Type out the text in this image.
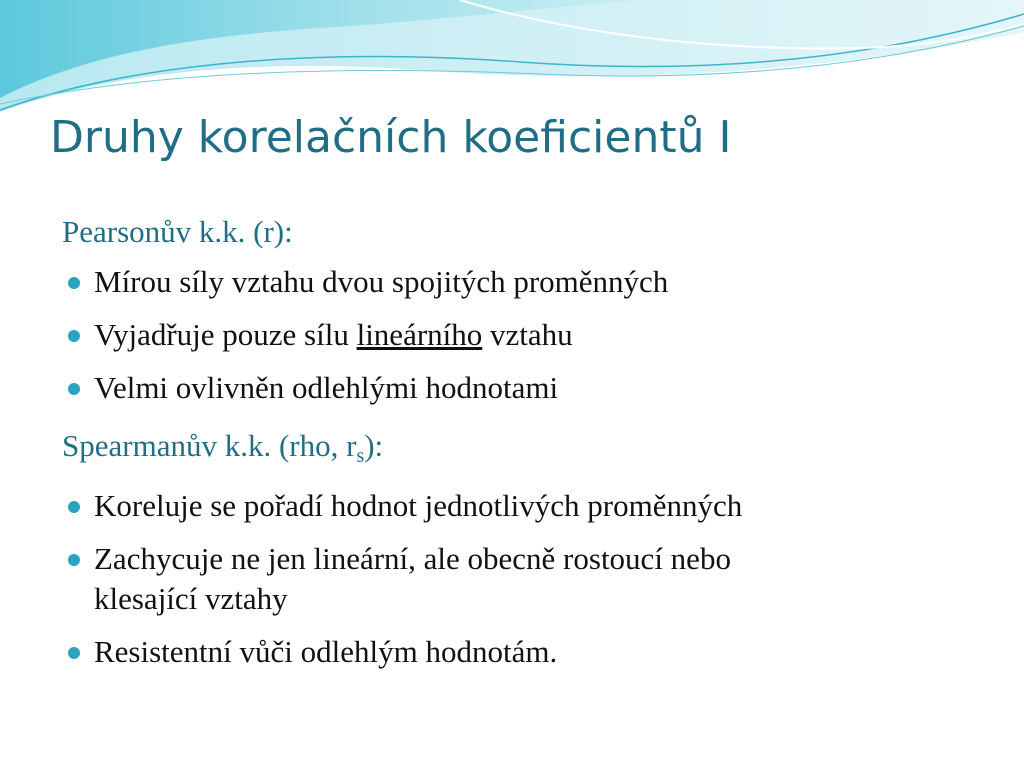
Druhy korelačních koeficientů I
Pearsonův k.k. (r):
Mírou síly vztahu dvou spojitých proměnných
Vyjadřuje pouze sílu lineárního vztahu
Velmi ovlivněn odlehlými hodnotami
Spearmanův k.k. (rho, $r_s$):
Koreluje se pořadí hodnot jednotlivých proměnných
Zachycuje ne jen lineární, ale obecně rostoucí nebo
klesající vztahy
Resistentní vůči odlehlým hodnotám.
